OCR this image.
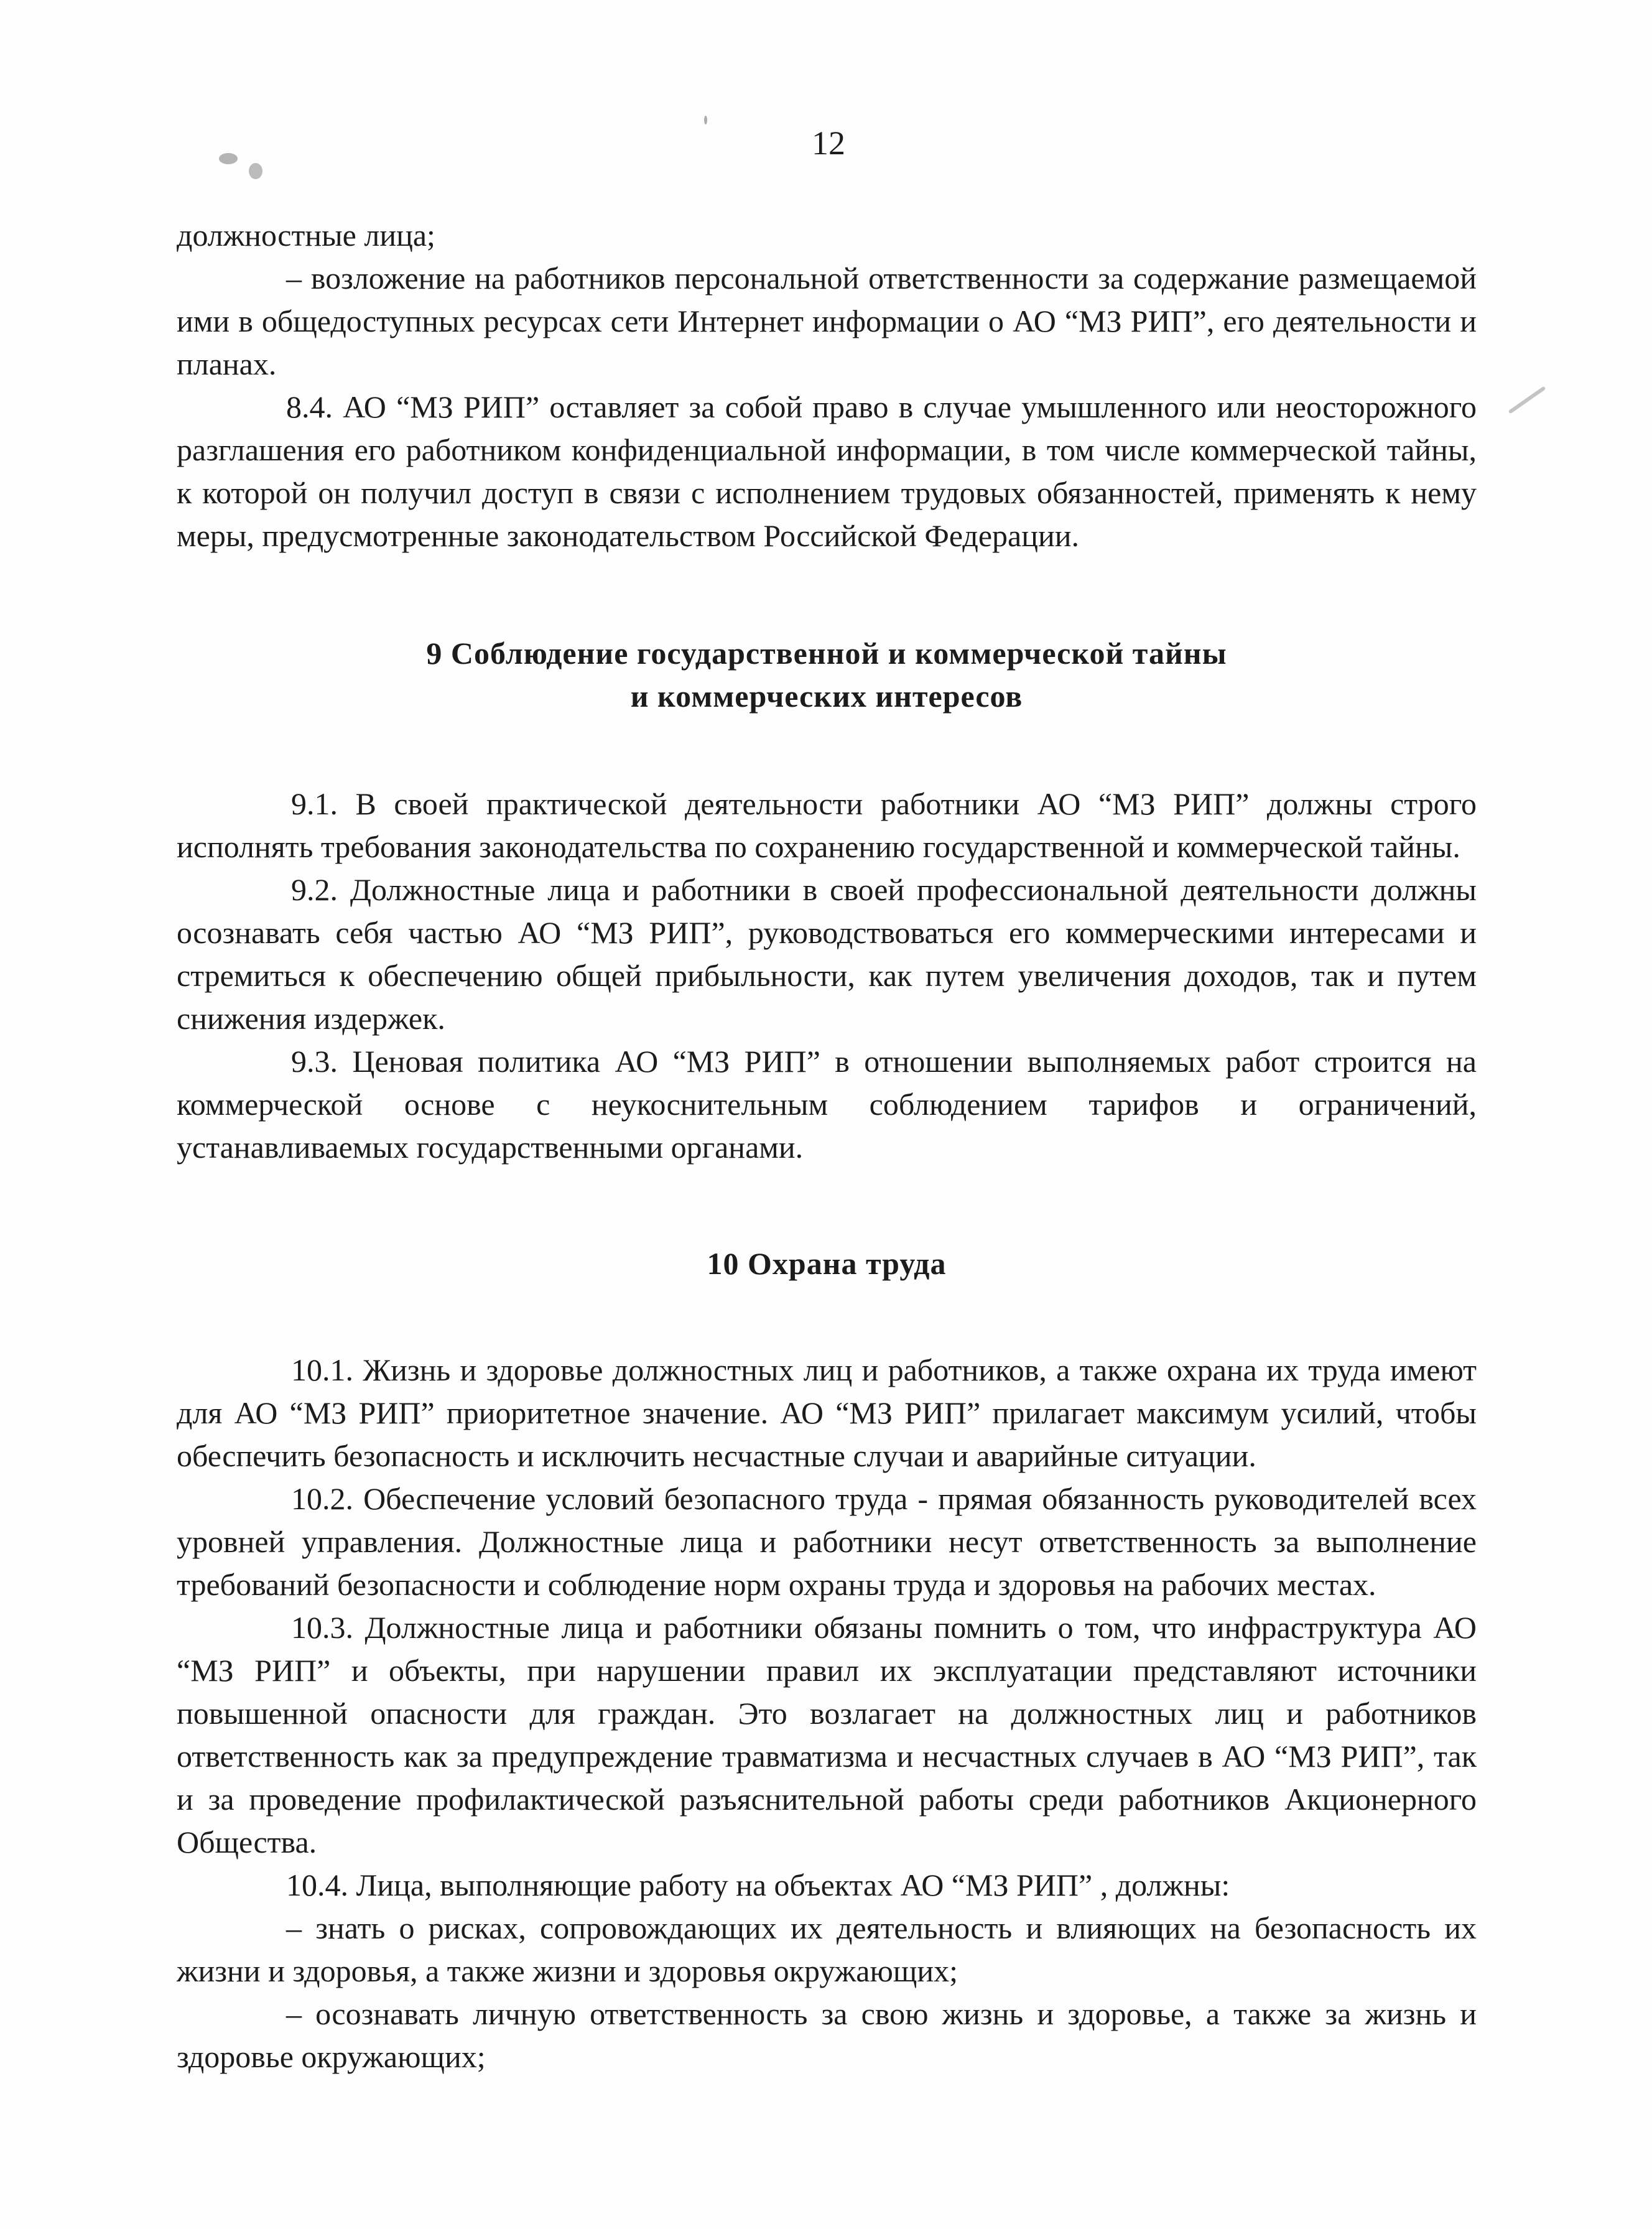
12

должностные лица;

– возложение на работников персональной ответственности за содержание размещаемой ими в общедоступных ресурсах сети Интернет информации о АО “МЗ РИП”, его деятельности и планах.

8.4. АО “МЗ РИП” оставляет за собой право в случае умышленного или неосторожного разглашения его работником конфиденциальной информации, в том числе коммерческой тайны, к которой он получил доступ в связи с исполнением трудовых обязанностей, применять к нему меры, предусмотренные законодательством Российской Федерации.

9 Соблюдение государственной и коммерческой тайны
и коммерческих интересов

9.1. В своей практической деятельности работники АО “МЗ РИП” должны строго исполнять требования законодательства по сохранению государственной и коммерческой тайны.

9.2. Должностные лица и работники в своей профессиональной деятельности должны осознавать себя частью АО “МЗ РИП”, руководствоваться его коммерческими интересами и стремиться к обеспечению общей прибыльности, как путем увеличения доходов, так и путем снижения издержек.

9.3. Ценовая политика АО “МЗ РИП” в отношении выполняемых работ строится на коммерческой основе с неукоснительным соблюдением тарифов и ограничений, устанавливаемых государственными органами.

10 Охрана труда

10.1. Жизнь и здоровье должностных лиц и работников, а также охрана их труда имеют для АО “МЗ РИП” приоритетное значение. АО “МЗ РИП” прилагает максимум усилий, чтобы обеспечить безопасность и исключить несчастные случаи и аварийные ситуации.

10.2. Обеспечение условий безопасного труда - прямая обязанность руководителей всех уровней управления. Должностные лица и работники несут ответственность за выполнение требований безопасности и соблюдение норм охраны труда и здоровья на рабочих местах.

10.3. Должностные лица и работники обязаны помнить о том, что инфраструктура АО “МЗ РИП” и объекты, при нарушении правил их эксплуатации представляют источники повышенной опасности для граждан. Это возлагает на должностных лиц и работников ответственность как за предупреждение травматизма и несчастных случаев в АО “МЗ РИП”, так и за проведение профилактической разъяснительной работы среди работников Акционерного Общества.

10.4. Лица, выполняющие работу на объектах АО “МЗ РИП” , должны:

– знать о рисках, сопровождающих их деятельность и влияющих на безопасность их жизни и здоровья, а также жизни и здоровья окружающих;

– осознавать личную ответственность за свою жизнь и здоровье, а также за жизнь и здоровье окружающих;
